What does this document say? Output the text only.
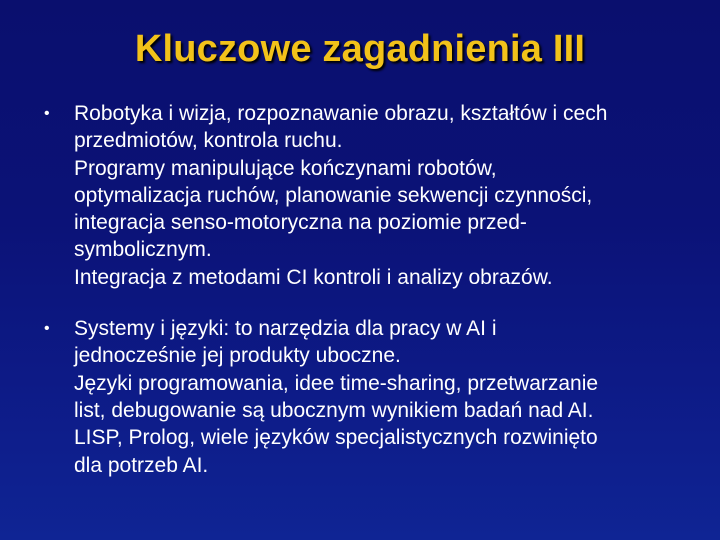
Kluczowe zagadnienia III
• Robotyka i wizja, rozpoznawanie obrazu, kształtów i cech
przedmiotów, kontrola ruchu.
Programy manipulujące kończynami robotów,
optymalizacja ruchów, planowanie sekwencji czynności,
integracja senso-motoryczna na poziomie przed-
symbolicznym.
Integracja z metodami CI kontroli i analizy obrazów.
• Systemy i języki: to narzędzia dla pracy w AI i
jednocześnie jej produkty uboczne.
Języki programowania, idee time-sharing, przetwarzanie
list, debugowanie są ubocznym wynikiem badań nad AI.
LISP, Prolog, wiele języków specjalistycznych rozwinięto
dla potrzeb AI.
